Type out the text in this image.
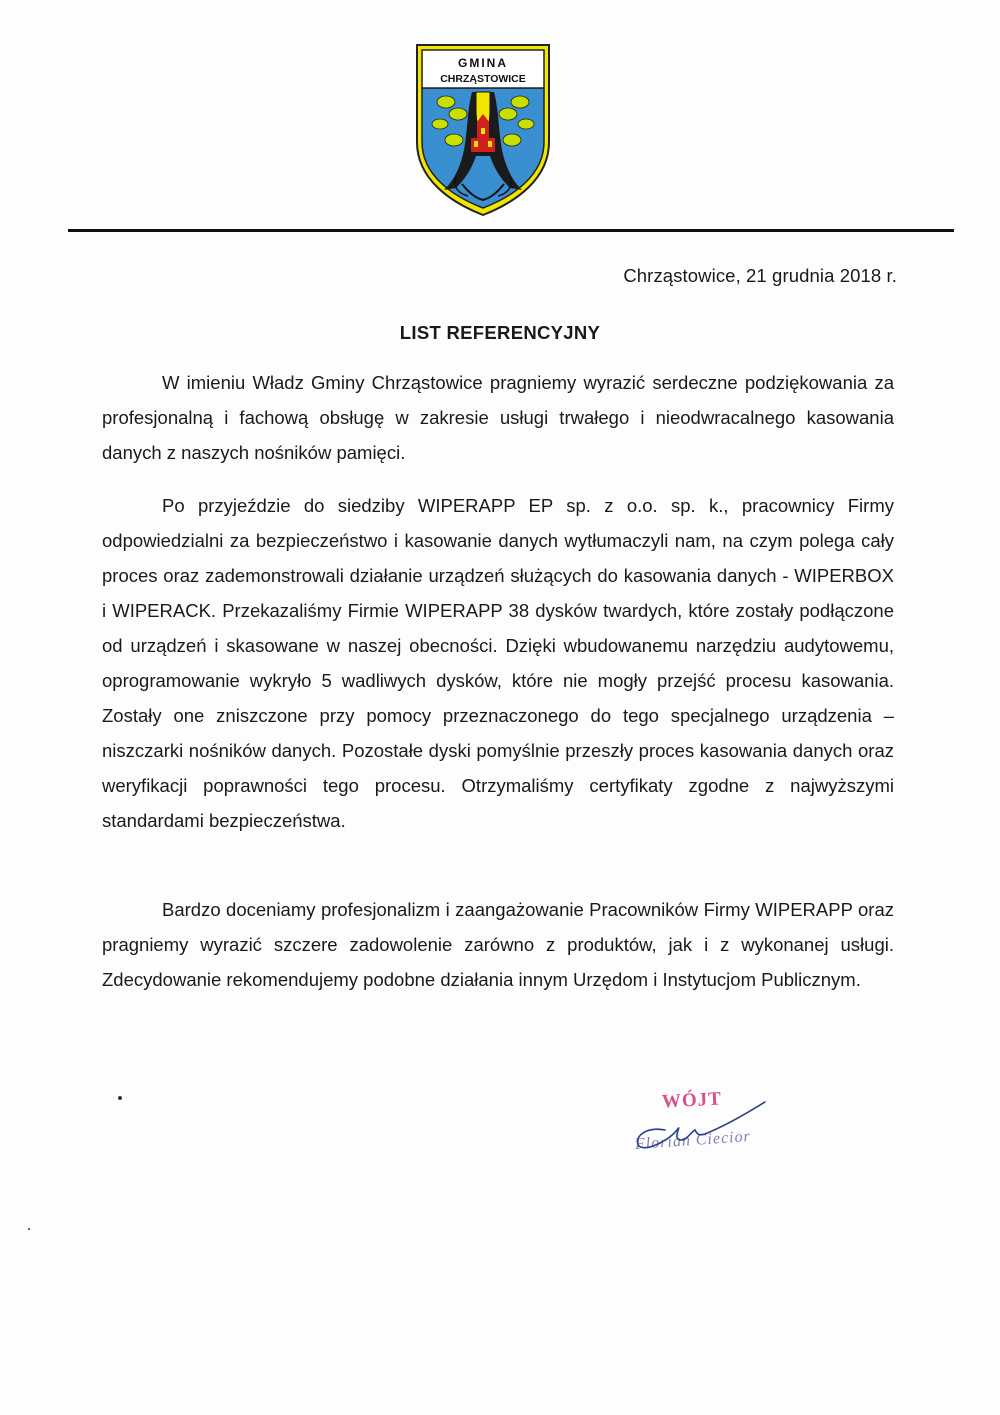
GMINA
CHRZĄSTOWICE
Chrząstowice, 21 grudnia 2018 r.
LIST REFERENCYJNY

W imieniu Władz Gminy Chrząstowice pragniemy wyrazić serdeczne podziękowania za profesjonalną i fachową obsługę w zakresie usługi trwałego i nieodwracalnego kasowania danych z naszych nośników pamięci.

Po przyjeździe do siedziby WIPERAPP EP sp. z o.o. sp. k., pracownicy Firmy odpowiedzialni za bezpieczeństwo i kasowanie danych wytłumaczyli nam, na czym polega cały proces oraz zademonstrowali działanie urządzeń służących do kasowania danych - WIPERBOX i WIPERACK. Przekazaliśmy Firmie WIPERAPP 38 dysków twardych, które zostały podłączone od urządzeń i skasowane w naszej obecności. Dzięki wbudowanemu narzędziu audytowemu, oprogramowanie wykryło 5 wadliwych dysków, które nie mogły przejść procesu kasowania. Zostały one zniszczone przy pomocy przeznaczonego do tego specjalnego urządzenia – niszczarki nośników danych. Pozostałe dyski pomyślnie przeszły proces kasowania danych oraz weryfikacji poprawności tego procesu. Otrzymaliśmy certyfikaty zgodne z najwyższymi standardami bezpieczeństwa.

Bardzo doceniamy profesjonalizm i zaangażowanie Pracowników Firmy WIPERAPP oraz pragniemy wyrazić szczere zadowolenie zarówno z produktów, jak i z wykonanej usługi. Zdecydowanie rekomendujemy podobne działania innym Urzędom i Instytucjom Publicznym.

WÓJT
Florian Ciecior
